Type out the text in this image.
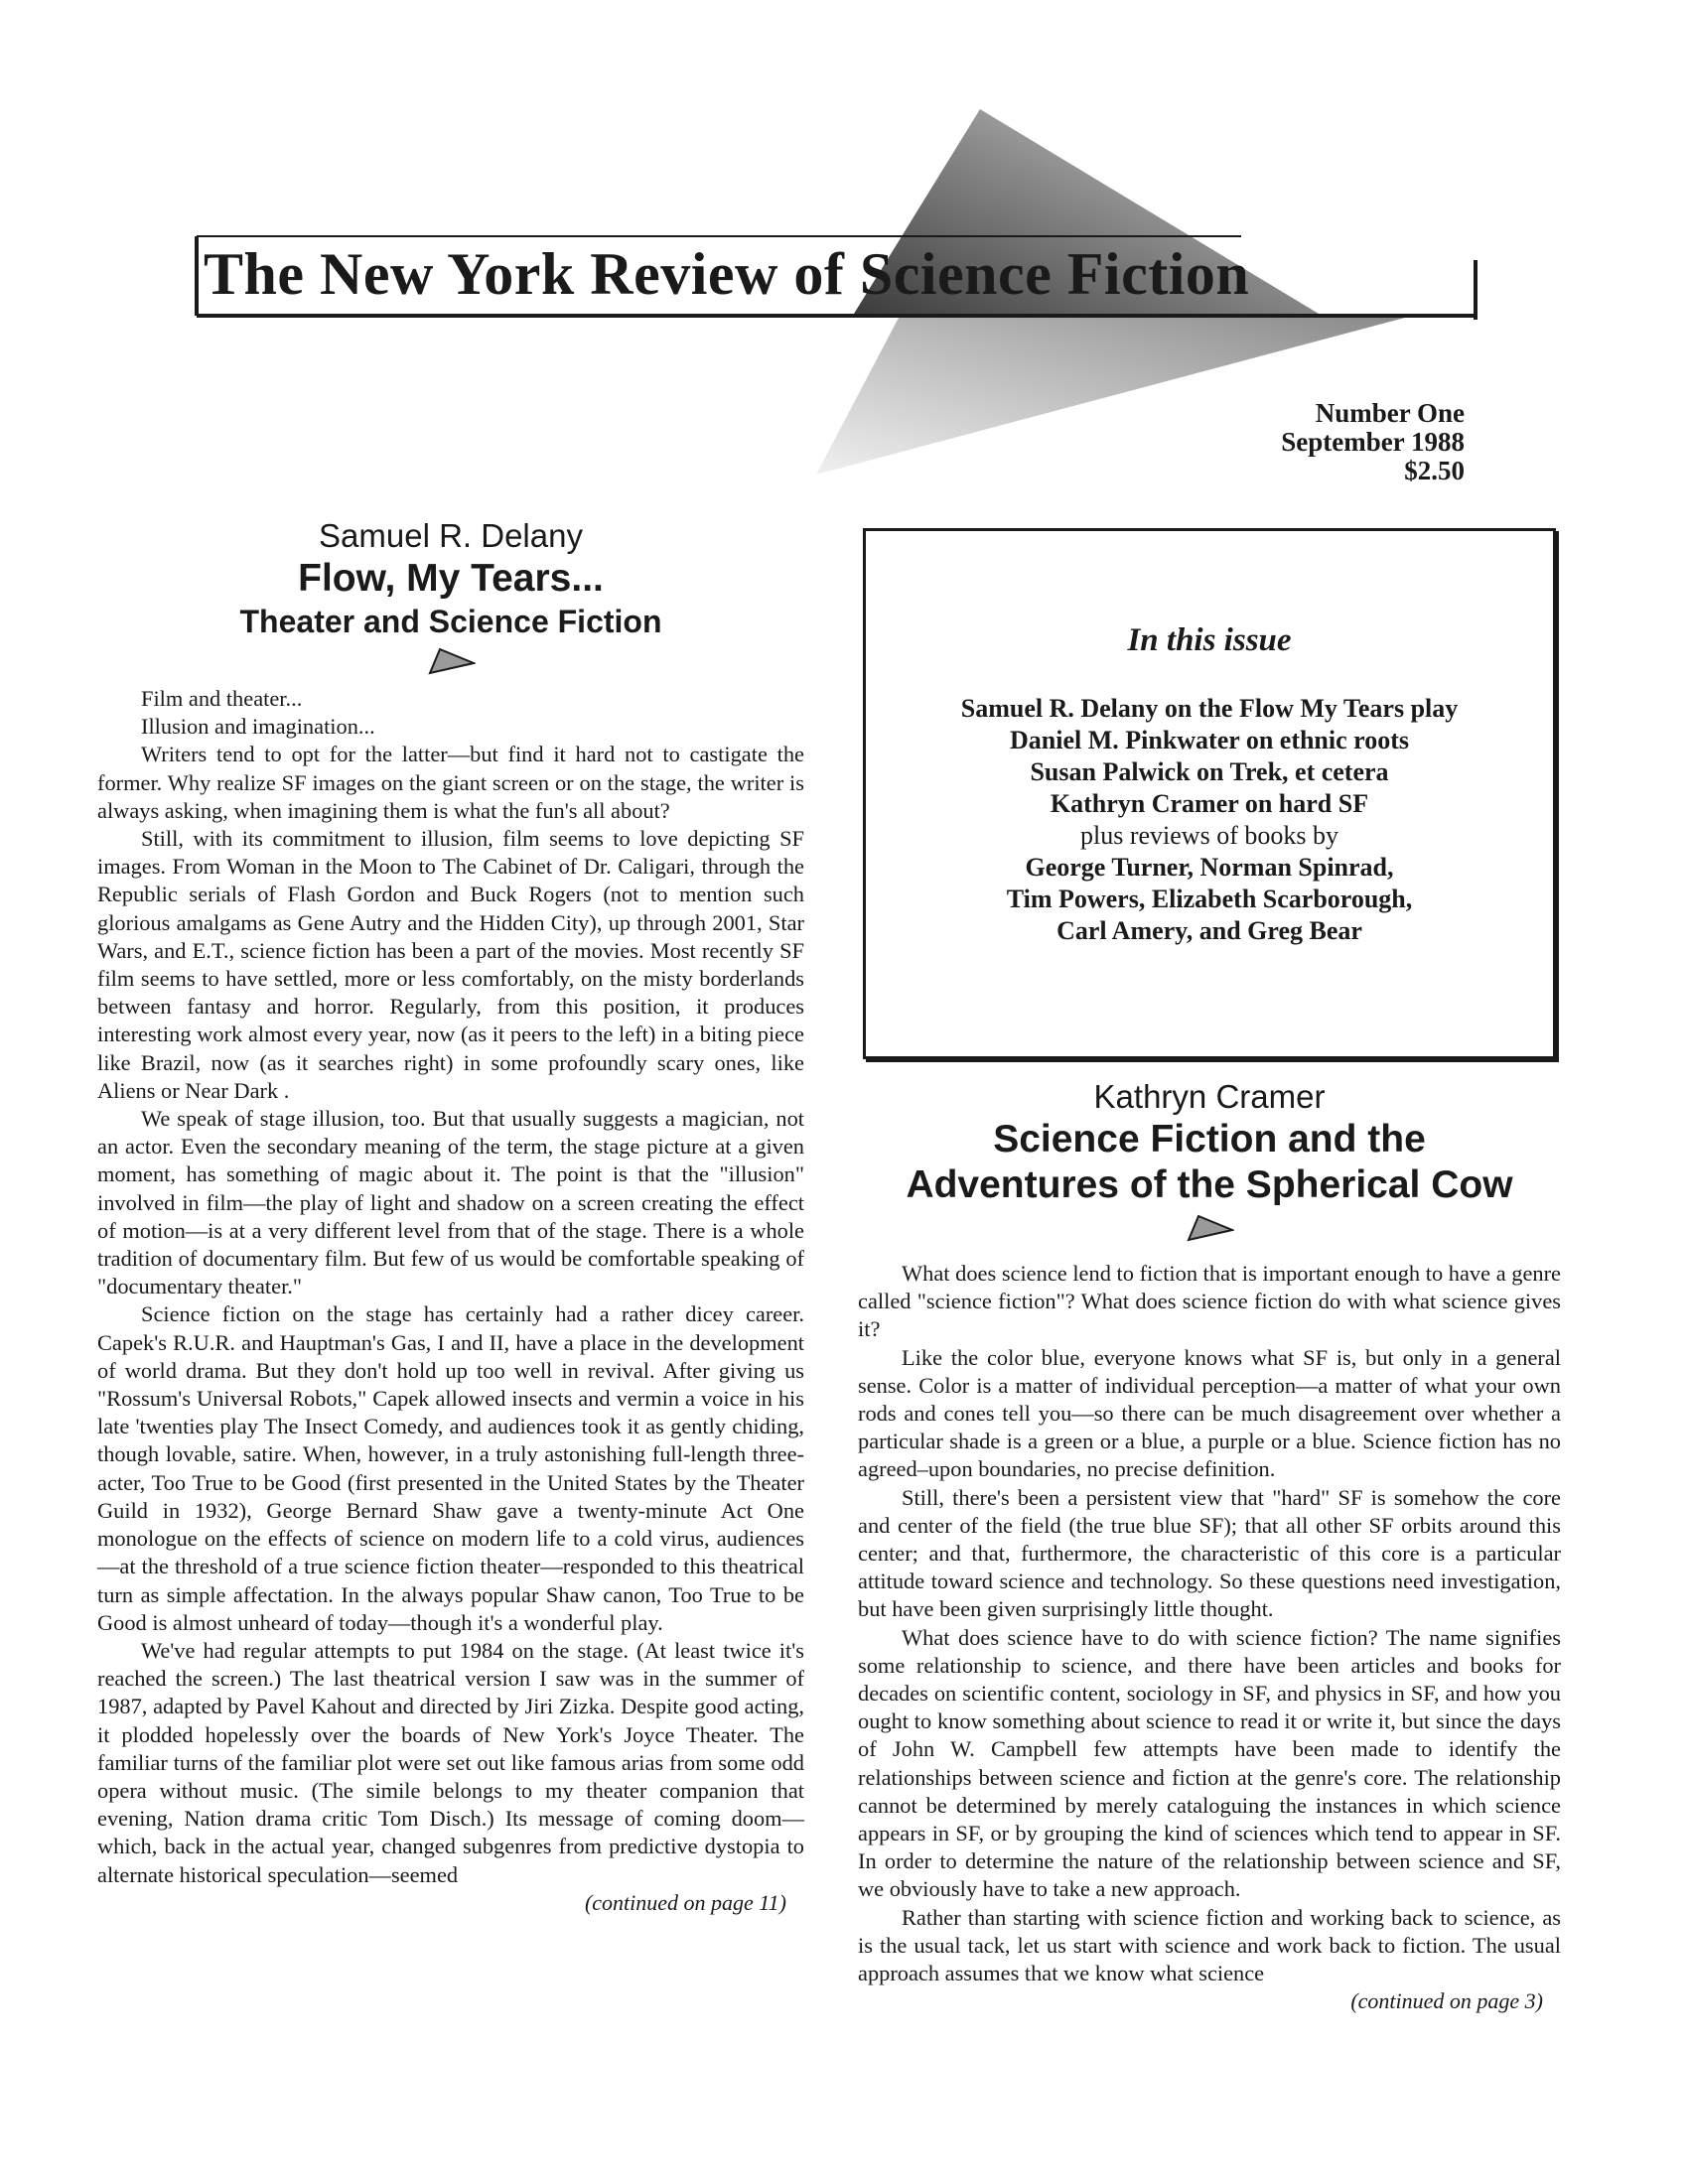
The New York Review of Science Fiction
Number One
September 1988
$2.50
Samuel R. Delany
Flow, My Tears...
Theater and Science Fiction

Film and theater...

Illusion and imagination...

Writers tend to opt for the latter—but find it hard not to castigate the former. Why realize SF images on the giant screen or on the stage, the writer is always asking, when imagining them is what the fun's all about?

Still, with its commitment to illusion, film seems to love depicting SF images. From Woman in the Moon to The Cabinet of Dr. Caligari, through the Republic serials of Flash Gordon and Buck Rogers (not to mention such glorious amalgams as Gene Autry and the Hidden City), up through 2001, Star Wars, and E.T., science fiction has been a part of the movies. Most recently SF film seems to have settled, more or less comfortably, on the misty borderlands between fantasy and horror. Regularly, from this position, it produces interesting work almost every year, now (as it peers to the left) in a biting piece like Brazil, now (as it searches right) in some profoundly scary ones, like Aliens or Near Dark .

We speak of stage illusion, too. But that usually suggests a magician, not an actor. Even the secondary meaning of the term, the stage picture at a given moment, has something of magic about it. The point is that the "illusion" involved in film—the play of light and shadow on a screen creating the effect of motion—is at a very different level from that of the stage. There is a whole tradition of documentary film. But few of us would be comfortable speaking of "documentary theater."

Science fiction on the stage has certainly had a rather dicey career. Capek's R.U.R. and Hauptman's Gas, I and II, have a place in the development of world drama. But they don't hold up too well in revival. After giving us "Rossum's Universal Robots," Capek allowed insects and vermin a voice in his late 'twenties play The Insect Comedy, and audiences took it as gently chiding, though lovable, satire. When, however, in a truly astonishing full-length three-acter, Too True to be Good (first presented in the United States by the Theater Guild in 1932), George Bernard Shaw gave a twenty-minute Act One monologue on the effects of science on modern life to a cold virus, audiences—at the threshold of a true science fiction theater—responded to this theatrical turn as simple affectation. In the always popular Shaw canon, Too True to be Good is almost unheard of today—though it's a wonderful play.

We've had regular attempts to put 1984 on the stage. (At least twice it's reached the screen.) The last theatrical version I saw was in the summer of 1987, adapted by Pavel Kahout and directed by Jiri Zizka. Despite good acting, it plodded hopelessly over the boards of New York's Joyce Theater. The familiar turns of the familiar plot were set out like famous arias from some odd opera without music. (The simile belongs to my theater companion that evening, Nation drama critic Tom Disch.) Its message of coming doom—which, back in the actual year, changed subgenres from predictive dystopia to alternate historical speculation—seemed

(continued on page 11)
In this issue
Samuel R. Delany on the Flow My Tears play
Daniel M. Pinkwater on ethnic roots
Susan Palwick on Trek, et cetera
Kathryn Cramer on hard SF
plus reviews of books by
George Turner, Norman Spinrad,
Tim Powers, Elizabeth Scarborough,
Carl Amery, and Greg Bear
Kathryn Cramer
Science Fiction and the
Adventures of the Spherical Cow

What does science lend to fiction that is important enough to have a genre called "science fiction"? What does science fiction do with what science gives it?

Like the color blue, everyone knows what SF is, but only in a general sense. Color is a matter of individual perception—a matter of what your own rods and cones tell you—so there can be much disagreement over whether a particular shade is a green or a blue, a purple or a blue. Science fiction has no agreed–upon boundaries, no precise definition.

Still, there's been a persistent view that "hard" SF is somehow the core and center of the field (the true blue SF); that all other SF orbits around this center; and that, furthermore, the characteristic of this core is a particular attitude toward science and technology. So these questions need investigation, but have been given surprisingly little thought.

What does science have to do with science fiction? The name signifies some relationship to science, and there have been articles and books for decades on scientific content, sociology in SF, and physics in SF, and how you ought to know something about science to read it or write it, but since the days of John W. Campbell few attempts have been made to identify the relationships between science and fiction at the genre's core. The relationship cannot be determined by merely cataloguing the instances in which science appears in SF, or by grouping the kind of sciences which tend to appear in SF. In order to determine the nature of the relationship between science and SF, we obviously have to take a new approach.

Rather than starting with science fiction and working back to science, as is the usual tack, let us start with science and work back to fiction. The usual approach assumes that we know what science

(continued on page 3)
